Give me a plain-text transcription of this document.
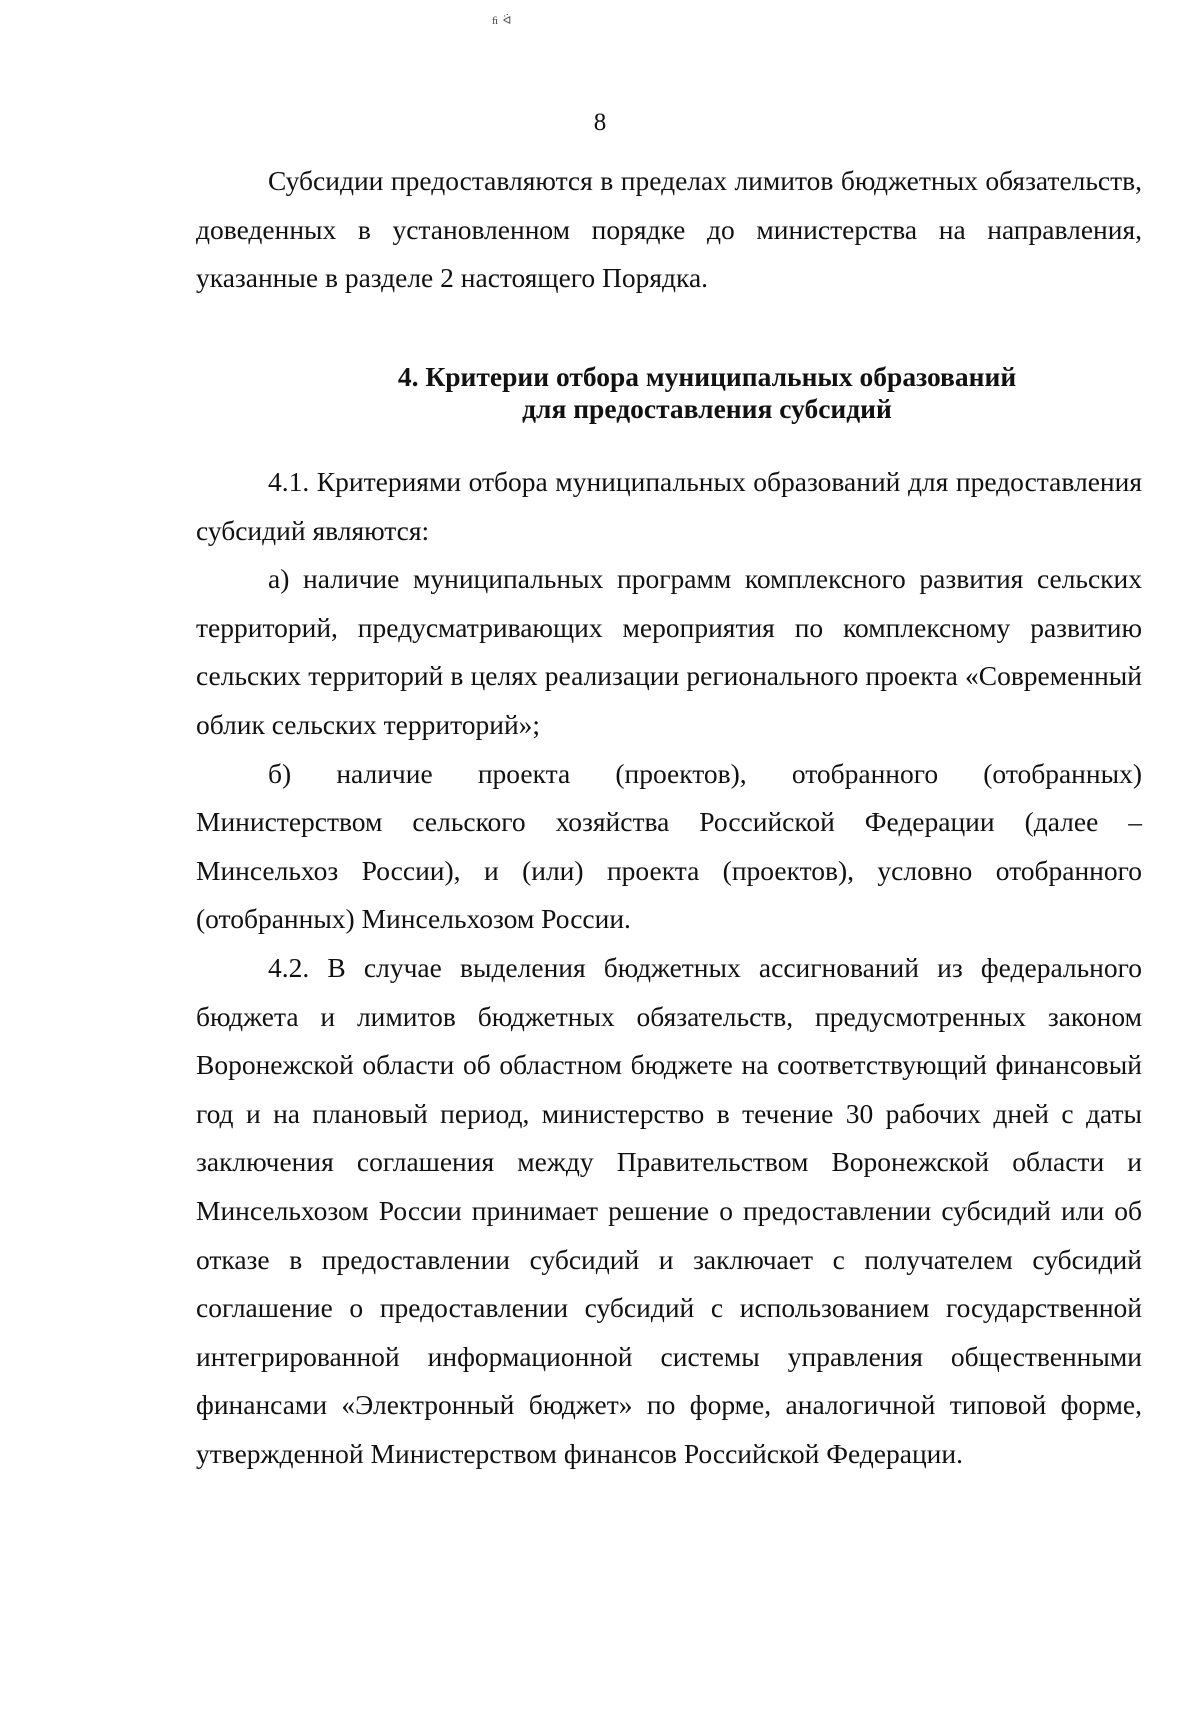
ﬁ ᐛ
8

Субсидии предоставляются в пределах лимитов бюджетных обязательств, доведенных в установленном порядке до министерства на направления, указанные в разделе 2 настоящего Порядка.

4. Критерии отбора муниципальных образований
для предоставления субсидий

4.1. Критериями отбора муниципальных образований для предоставления субсидий являются:

а) наличие муниципальных программ комплексного развития сельских территорий, предусматривающих мероприятия по комплексному развитию сельских территорий в целях реализации регионального проекта «Современный облик сельских территорий»;

б) наличие проекта (проектов), отобранного (отобранных) Министерством сельского хозяйства Российской Федерации (далее – Минсельхоз России), и (или) проекта (проектов), условно отобранного (отобранных) Минсельхозом России.

4.2. В случае выделения бюджетных ассигнований из федерального бюджета и лимитов бюджетных обязательств, предусмотренных законом Воронежской области об областном бюджете на соответствующий финансовый год и на плановый период, министерство в течение 30 рабочих дней с даты заключения соглашения между Правительством Воронежской области и Минсельхозом России принимает решение о предоставлении субсидий или об отказе в предоставлении субсидий и заключает с получателем субсидий соглашение о предоставлении субсидий с использованием государственной интегрированной информационной системы управления общественными финансами «Электронный бюджет» по форме, аналогичной типовой форме, утвержденной Министерством финансов Российской Федерации.
